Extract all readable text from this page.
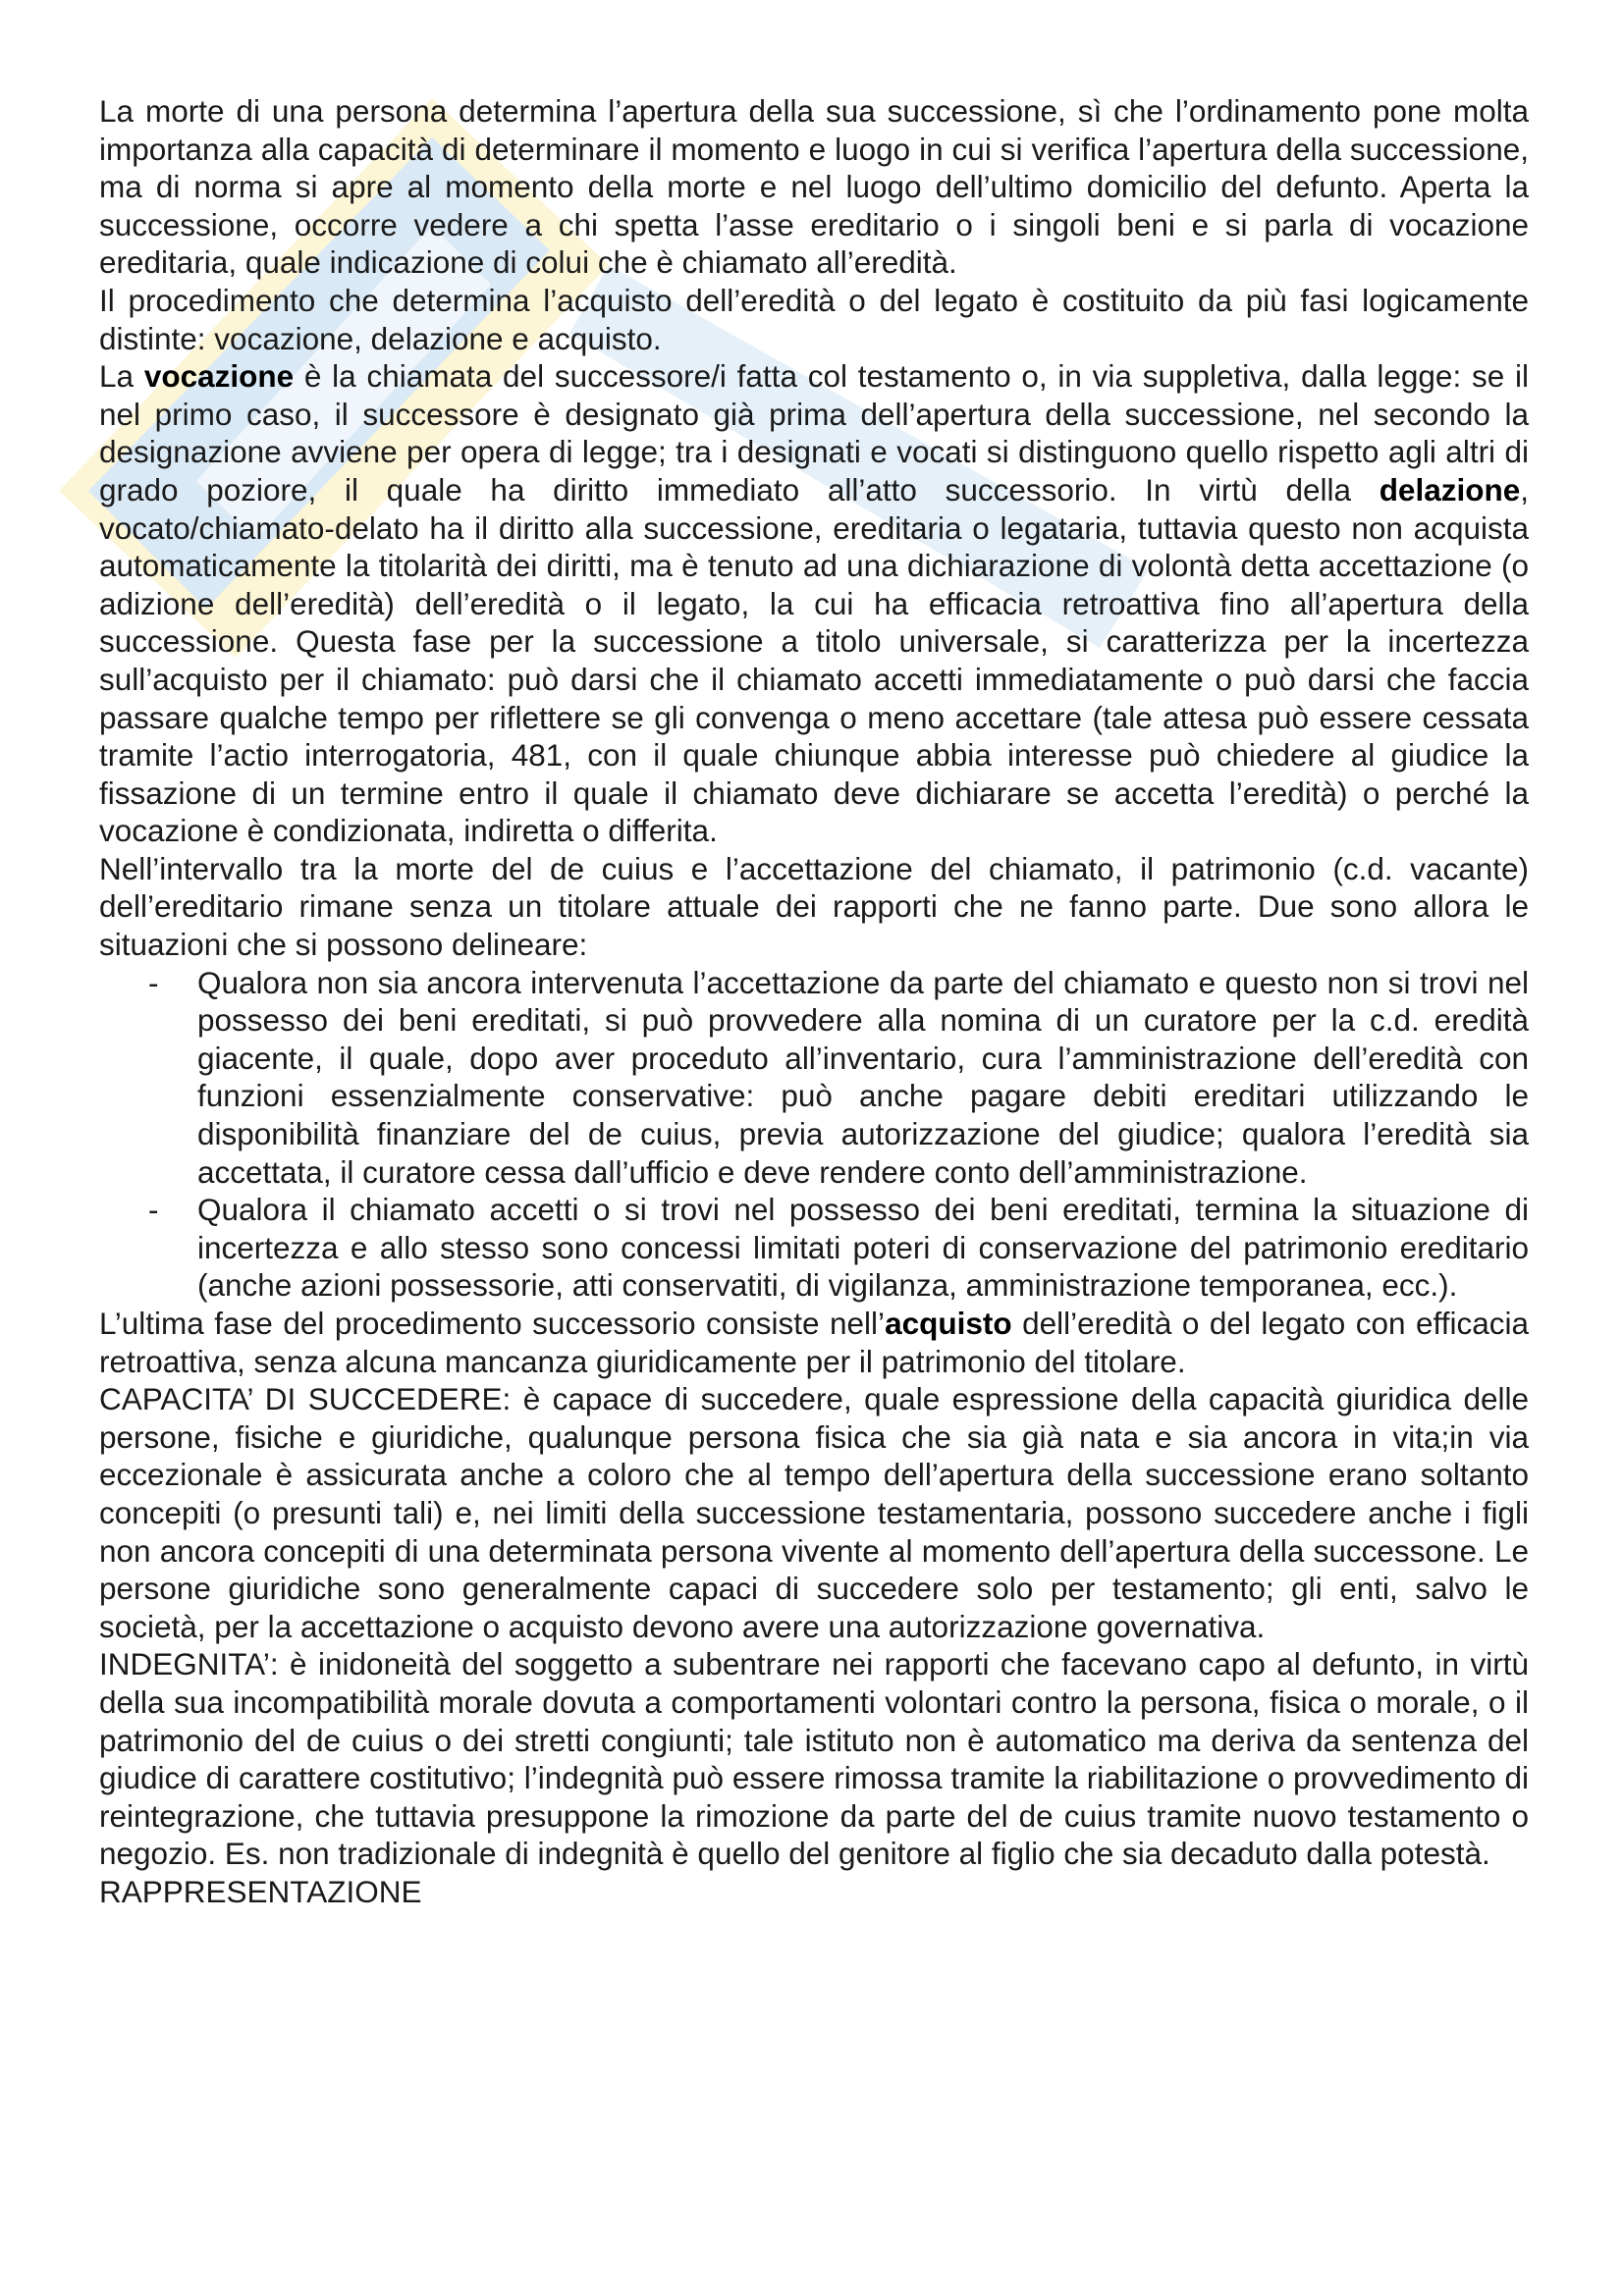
La morte di una persona determina l’apertura della sua successione, sì che l’ordinamento pone molta importanza alla capacità di determinare il momento e luogo in cui si verifica l’apertura della successione, ma di norma si apre al momento della morte e nel luogo dell’ultimo domicilio del defunto. Aperta la successione, occorre vedere a chi spetta l’asse ereditario o i singoli beni e si parla di vocazione ereditaria, quale indicazione di colui che è chiamato all’eredità.

Il procedimento che determina l’acquisto dell’eredità o del legato è costituito da più fasi logicamente distinte: vocazione, delazione e acquisto.

La vocazione è la chiamata del successore/i fatta col testamento o, in via suppletiva, dalla legge: se il nel primo caso, il successore è designato già prima dell’apertura della successione, nel secondo la designazione avviene per opera di legge; tra i designati e vocati si distinguono quello rispetto agli altri di grado poziore, il quale ha diritto immediato all’atto successorio. In virtù della delazione, vocato/chiamato-delato ha il diritto alla successione, ereditaria o legataria, tuttavia questo non acquista automaticamente la titolarità dei diritti, ma è tenuto ad una dichiarazione di volontà detta accettazione (o adizione dell’eredità) dell’eredità o il legato, la cui ha efficacia retroattiva fino all’apertura della successione. Questa fase per la successione a titolo universale, si caratterizza per la incertezza sull’acquisto per il chiamato: può darsi che il chiamato accetti immediatamente o può darsi che faccia passare qualche tempo per riflettere se gli convenga o meno accettare (tale attesa può essere cessata tramite l’actio interrogatoria, 481, con il quale chiunque abbia interesse può chiedere al giudice la fissazione di un termine entro il quale il chiamato deve dichiarare se accetta l’eredità) o perché la vocazione è condizionata, indiretta o differita.

Nell’intervallo tra la morte del de cuius e l’accettazione del chiamato, il patrimonio (c.d. vacante) dell’ereditario rimane senza un titolare attuale dei rapporti che ne fanno parte. Due sono allora le situazioni che si possono delineare:

- Qualora non sia ancora intervenuta l’accettazione da parte del chiamato e questo non si trovi nel possesso dei beni ereditati, si può provvedere alla nomina di un curatore per la c.d. eredità giacente, il quale, dopo aver proceduto all’inventario, cura l’amministrazione dell’eredità con funzioni essenzialmente conservative: può anche pagare debiti ereditari utilizzando le disponibilità finanziare del de cuius, previa autorizzazione del giudice; qualora l’eredità sia accettata, il curatore cessa dall’ufficio e deve rendere conto dell’amministrazione.
- Qualora il chiamato accetti o si trovi nel possesso dei beni ereditati, termina la situazione di incertezza e allo stesso sono concessi limitati poteri di conservazione del patrimonio ereditario (anche azioni possessorie, atti conservatiti, di vigilanza, amministrazione temporanea, ecc.).

L’ultima fase del procedimento successorio consiste nell’acquisto dell’eredità o del legato con efficacia retroattiva, senza alcuna mancanza giuridicamente per il patrimonio del titolare.

CAPACITA’ DI SUCCEDERE: è capace di succedere, quale espressione della capacità giuridica delle persone, fisiche e giuridiche, qualunque persona fisica che sia già nata e sia ancora in vita;in via eccezionale è assicurata anche a coloro che al tempo dell’apertura della successione erano soltanto concepiti (o presunti tali) e, nei limiti della successione testamentaria, possono succedere anche i figli non ancora concepiti di una determinata persona vivente al momento dell’apertura della successone. Le persone giuridiche sono generalmente capaci di succedere solo per testamento; gli enti, salvo le società, per la accettazione o acquisto devono avere una autorizzazione governativa.

INDEGNITA’: è inidoneità del soggetto a subentrare nei rapporti che facevano capo al defunto, in virtù della sua incompatibilità morale dovuta a comportamenti volontari contro la persona, fisica o morale, o il patrimonio del de cuius o dei stretti congiunti; tale istituto non è automatico ma deriva da sentenza del giudice di carattere costitutivo; l’indegnità può essere rimossa tramite la riabilitazione o provvedimento di reintegrazione, che tuttavia presuppone la rimozione da parte del de cuius tramite nuovo testamento o negozio. Es. non tradizionale di indegnità è quello del genitore al figlio che sia decaduto dalla potestà.

RAPPRESENTAZIONE
